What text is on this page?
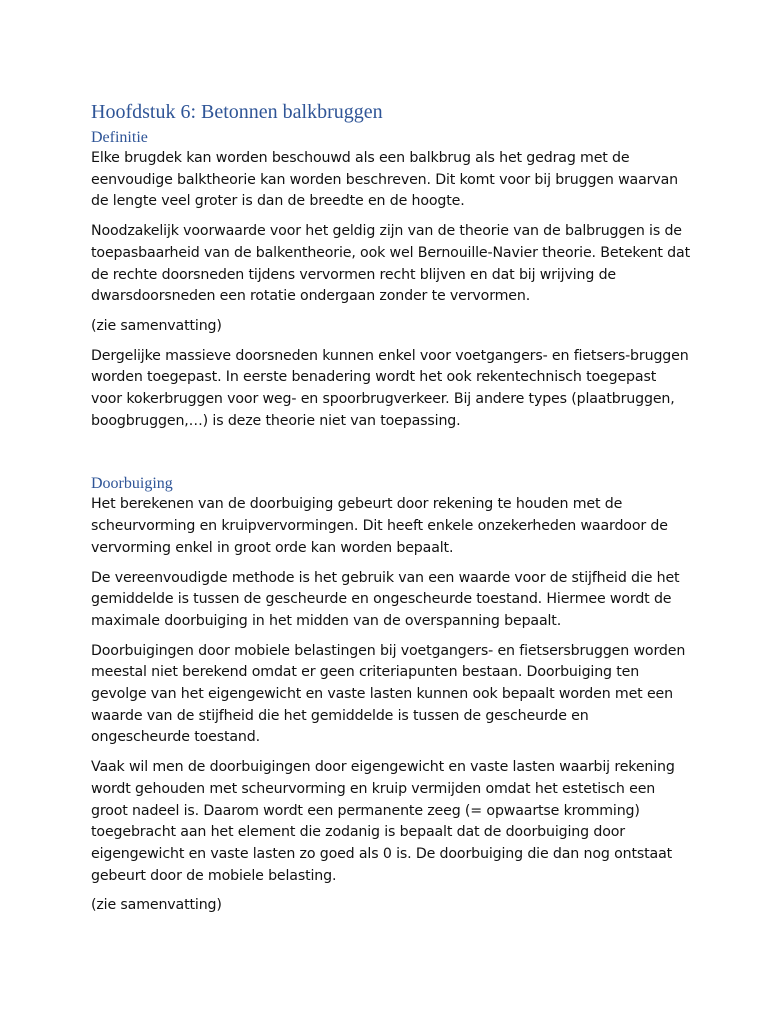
Hoofdstuk 6: Betonnen balkbruggen
Definitie

Elke brugdek kan worden beschouwd als een balkbrug als het gedrag met de eenvoudige balktheorie kan worden beschreven. Dit komt voor bij bruggen waarvan de lengte veel groter is dan de breedte en de hoogte.

Noodzakelijk voorwaarde voor het geldig zijn van de theorie van de balbruggen is de toepasbaarheid van de balkentheorie, ook wel Bernouille-Navier theorie. Betekent dat de rechte doorsneden tijdens vervormen recht blijven en dat bij wrijving de dwarsdoorsneden een rotatie ondergaan zonder te vervormen.

(zie samenvatting)

Dergelijke massieve doorsneden kunnen enkel voor voetgangers- en fietsers-bruggen worden toegepast. In eerste benadering wordt het ook rekentechnisch toegepast voor kokerbruggen voor weg- en spoorbrugverkeer. Bij andere types (plaatbruggen, boogbruggen,…) is deze theorie niet van toepassing.

Doorbuiging

Het berekenen van de doorbuiging gebeurt door rekening te houden met de scheurvorming en kruipvervormingen. Dit heeft enkele onzekerheden waardoor de vervorming enkel in groot orde kan worden bepaalt.

De vereenvoudigde methode is het gebruik van een waarde voor de stijfheid die het gemiddelde is tussen de gescheurde en ongescheurde toestand. Hiermee wordt de maximale doorbuiging in het midden van de overspanning bepaalt.

Doorbuigingen door mobiele belastingen bij voetgangers- en fietsersbruggen worden meestal niet berekend omdat er geen criteriapunten bestaan. Doorbuiging ten gevolge van het eigengewicht en vaste lasten kunnen ook bepaalt worden met een waarde van de stijfheid die het gemiddelde is tussen de gescheurde en ongescheurde toestand.

Vaak wil men de doorbuigingen door eigengewicht en vaste lasten waarbij rekening wordt gehouden met scheurvorming en kruip vermijden omdat het estetisch een groot nadeel is. Daarom wordt een permanente zeeg (= opwaartse kromming) toegebracht aan het element die zodanig is bepaalt dat de doorbuiging door eigengewicht en vaste lasten zo goed als 0 is. De doorbuiging die dan nog ontstaat gebeurt door de mobiele belasting.

(zie samenvatting)
